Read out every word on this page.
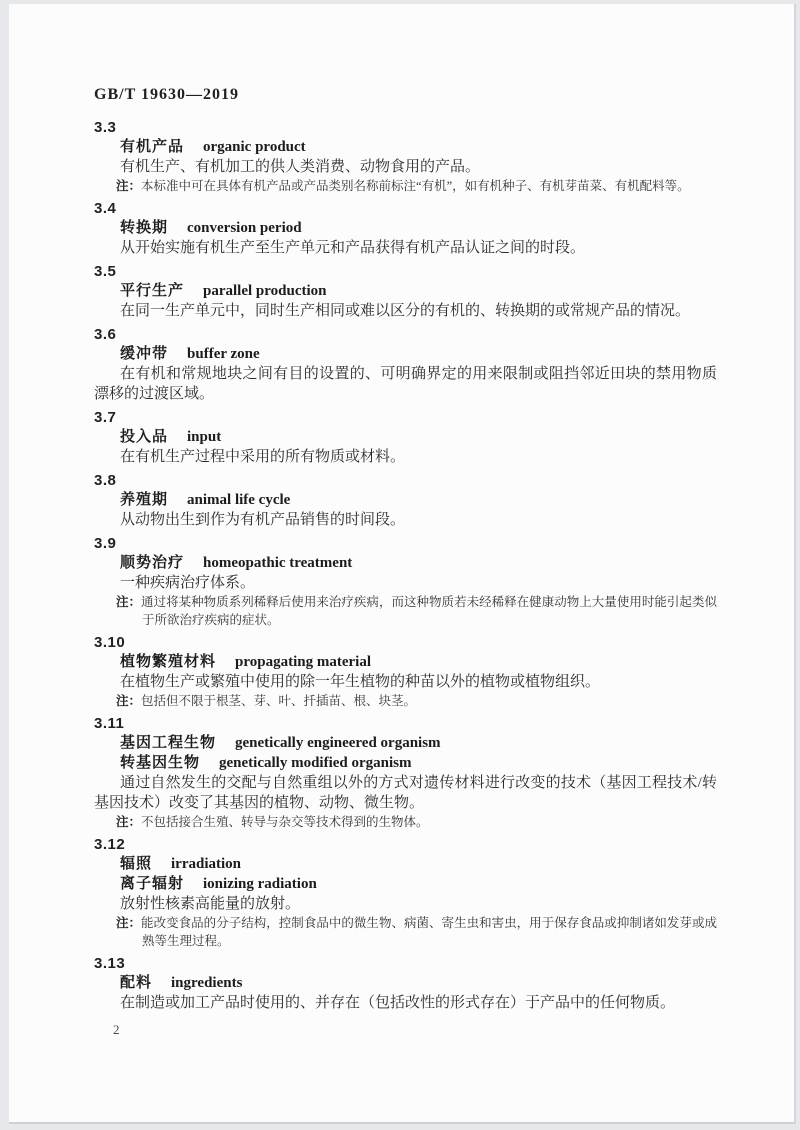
GB/T 19630—2019
3.3
有机产品 organic product

有机生产、有机加工的供人类消费、动物食用的产品。

注：本标准中可在具体有机产品或产品类别名称前标注“有机”，如有机种子、有机芽苗菜、有机配料等。
3.4
转换期 conversion period

从开始实施有机生产至生产单元和产品获得有机产品认证之间的时段。

3.5
平行生产 parallel production

在同一生产单元中，同时生产相同或难以区分的有机的、转换期的或常规产品的情况。

3.6
缓冲带 buffer zone

在有机和常规地块之间有目的设置的、可明确界定的用来限制或阻挡邻近田块的禁用物质漂移的过渡区域。

3.7
投入品 input

在有机生产过程中采用的所有物质或材料。

3.8
养殖期 animal life cycle

从动物出生到作为有机产品销售的时间段。

3.9
顺势治疗 homeopathic treatment

一种疾病治疗体系。

注：通过将某种物质系列稀释后使用来治疗疾病，而这种物质若未经稀释在健康动物上大量使用时能引起类似于所欲治疗疾病的症状。
3.10
植物繁殖材料 propagating material

在植物生产或繁殖中使用的除一年生植物的种苗以外的植物或植物组织。

注：包括但不限于根茎、芽、叶、扦插苗、根、块茎。
3.11
基因工程生物 genetically engineered organism
转基因生物 genetically modified organism

通过自然发生的交配与自然重组以外的方式对遗传材料进行改变的技术（基因工程技术/转基因技术）改变了其基因的植物、动物、微生物。

注：不包括接合生殖、转导与杂交等技术得到的生物体。
3.12
辐照 irradiation
离子辐射 ionizing radiation

放射性核素高能量的放射。

注：能改变食品的分子结构，控制食品中的微生物、病菌、寄生虫和害虫，用于保存食品或抑制诸如发芽或成熟等生理过程。
3.13
配料 ingredients

在制造或加工产品时使用的、并存在（包括改性的形式存在）于产品中的任何物质。

2
